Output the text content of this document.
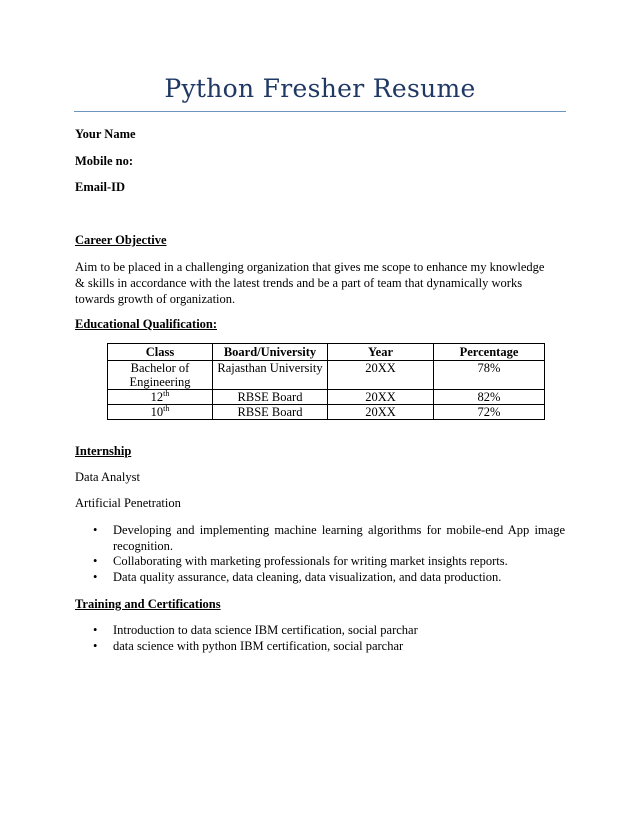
Python Fresher Resume
Your Name
Mobile no:
Email-ID
Career Objective
Aim to be placed in a challenging organization that gives me scope to enhance my knowledge & skills in accordance with the latest trends and be a part of team that dynamically works towards growth of organization.
Educational Qualification:
Class	Board/University	Year	Percentage
Bachelor of Engineering	Rajasthan University	20XX	78%
12th	RBSE Board	20XX	82%
10th	RBSE Board	20XX	72%
Internship
Data Analyst
Artificial Penetration
• Developing and implementing machine learning algorithms for mobile-end App image recognition.
• Collaborating with marketing professionals for writing market insights reports.
• Data quality assurance, data cleaning, data visualization, and data production.
Training and Certifications
• Introduction to data science IBM certification, social parchar
• data science with python IBM certification, social parchar
